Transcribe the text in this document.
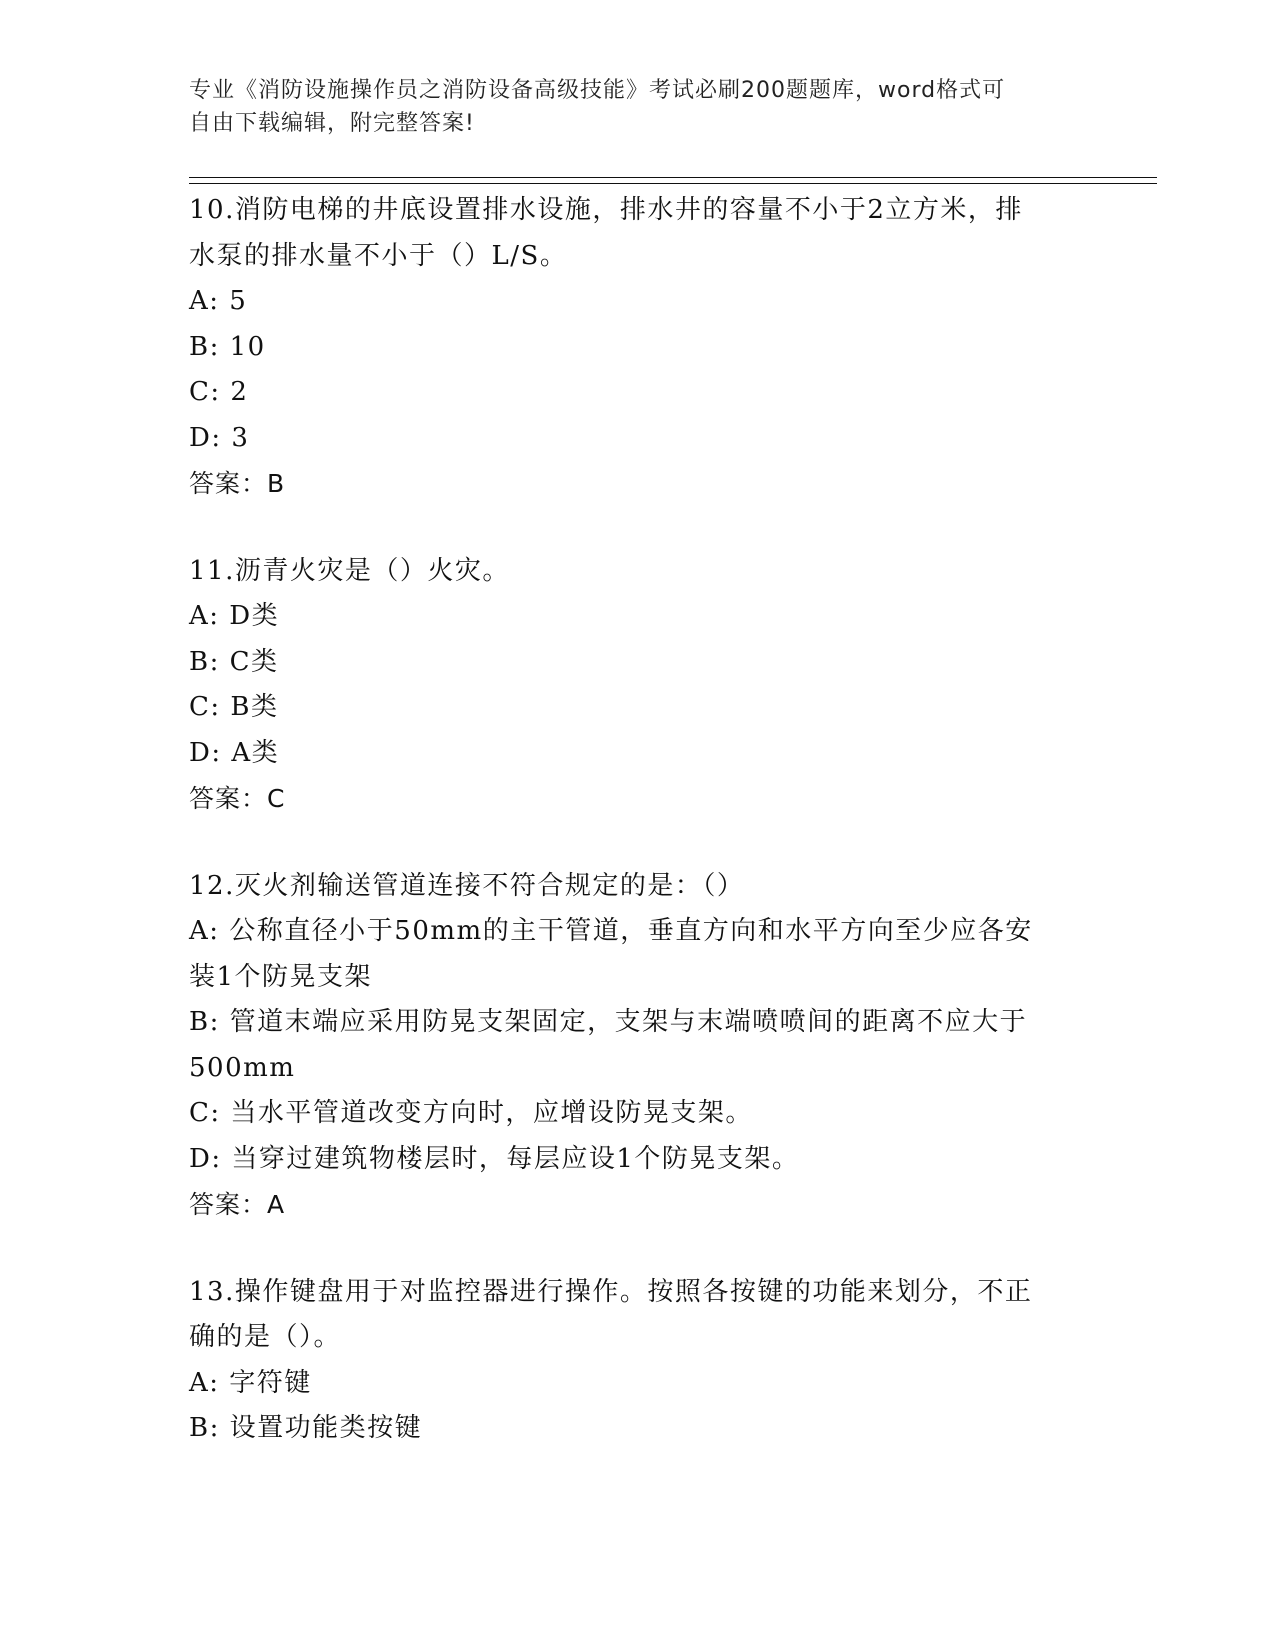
专业《消防设施操作员之消防设备高级技能》考试必刷200题题库，word格式可
自由下载编辑，附完整答案!
10.消防电梯的井底设置排水设施，排水井的容量不小于2立方米，排
水泵的排水量不小于（）L/S。
A: 5
B: 10
C: 2
D: 3
答案：B
11.沥青火灾是（）火灾。
A: D类
B: C类
C: B类
D: A类
答案：C
12.灭火剂输送管道连接不符合规定的是：（）
A: 公称直径小于50mm的主干管道，垂直方向和水平方向至少应各安
装1个防晃支架
B: 管道末端应采用防晃支架固定，支架与末端喷喷间的距离不应大于
500mm
C: 当水平管道改变方向时，应增设防晃支架。
D: 当穿过建筑物楼层时，每层应设1个防晃支架。
答案：A
13.操作键盘用于对监控器进行操作。按照各按键的功能来划分，不正
确的是（）。
A: 字符键
B: 设置功能类按键
